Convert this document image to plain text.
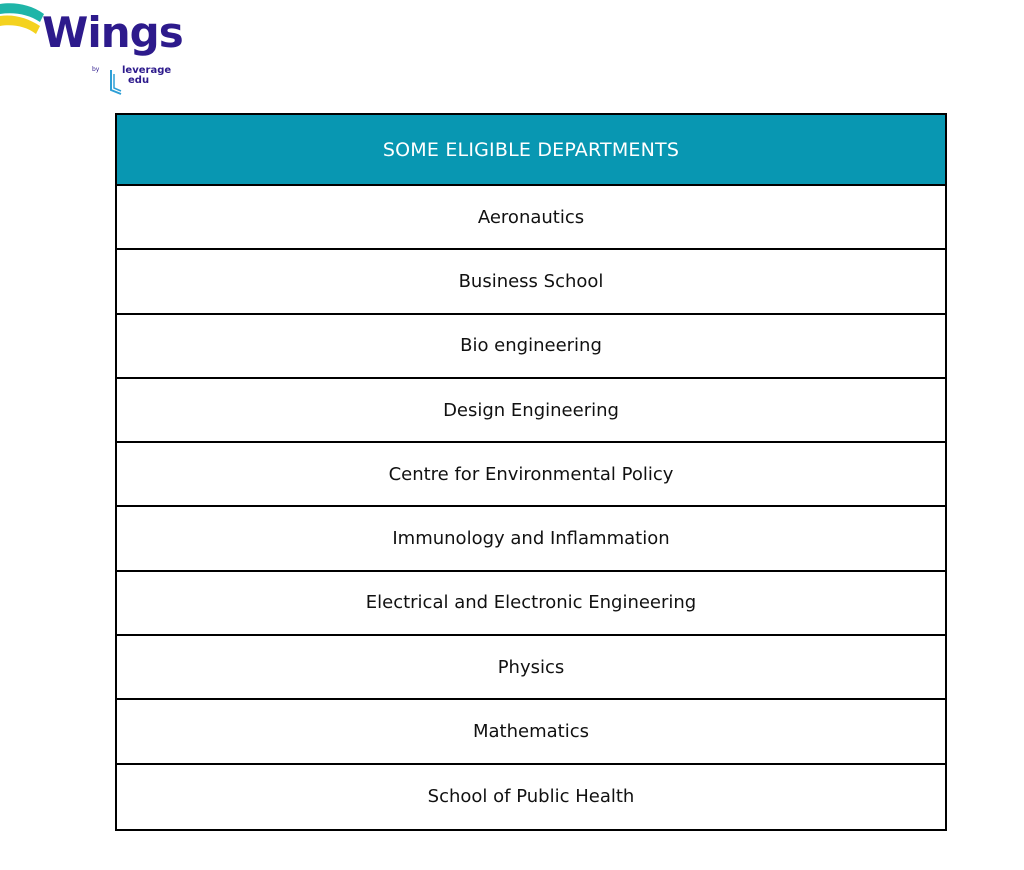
Wings
by leverage
edu
SOME ELIGIBLE DEPARTMENTS
Aeronautics
Business School
Bio engineering
Design Engineering
Centre for Environmental Policy
Immunology and Inflammation
Electrical and Electronic Engineering
Physics
Mathematics
School of Public Health
